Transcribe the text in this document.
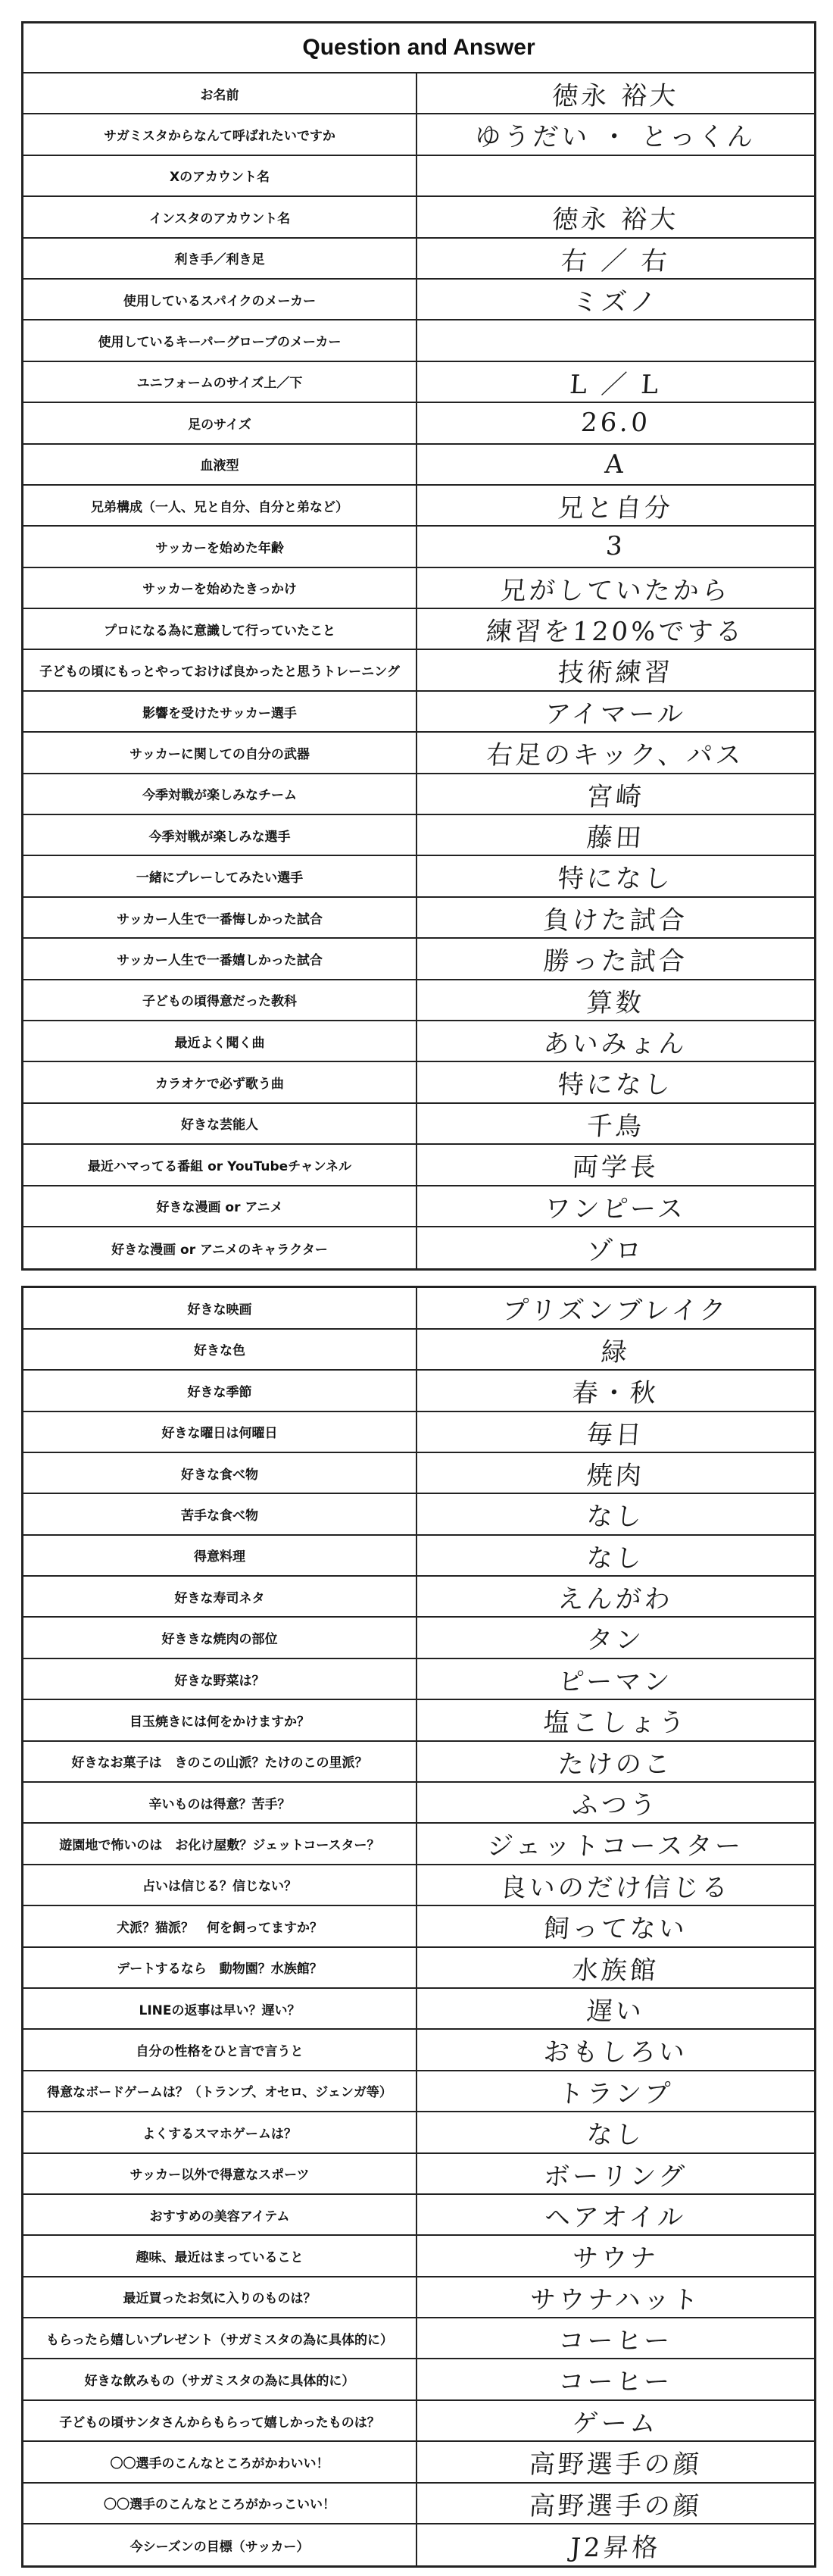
Question and Answer
お名前	徳永 裕大
サガミスタからなんて呼ばれたいですか	ゆうだい ・ とっくん
Xのアカウント名
インスタのアカウント名	徳永 裕大
利き手／利き足	右 ／ 右
使用しているスパイクのメーカー	ミズノ
使用しているキーパーグローブのメーカー
ユニフォームのサイズ上／下	L ／ L
足のサイズ	26.0
血液型	A
兄弟構成（一人、兄と自分、自分と弟など）	兄と自分
サッカーを始めた年齢	3
サッカーを始めたきっかけ	兄がしていたから
プロになる為に意識して行っていたこと	練習を120%でする
子どもの頃にもっとやっておけば良かったと思うトレーニング	技術練習
影響を受けたサッカー選手	アイマール
サッカーに関しての自分の武器	右足のキック、パス
今季対戦が楽しみなチーム	宮崎
今季対戦が楽しみな選手	藤田
一緒にプレーしてみたい選手	特になし
サッカー人生で一番悔しかった試合	負けた試合
サッカー人生で一番嬉しかった試合	勝った試合
子どもの頃得意だった教科	算数
最近よく聞く曲	あいみょん
カラオケで必ず歌う曲	特になし
好きな芸能人	千鳥
最近ハマってる番組 or YouTubeチャンネル	両学長
好きな漫画 or アニメ	ワンピース
好きな漫画 or アニメのキャラクター	ゾロ
好きな映画	プリズンブレイク
好きな色	緑
好きな季節	春・秋
好きな曜日は何曜日	毎日
好きな食べ物	焼肉
苦手な食べ物	なし
得意料理	なし
好きな寿司ネタ	えんがわ
好ききな焼肉の部位	タン
好きな野菜は？	ピーマン
目玉焼きには何をかけますか？	塩こしょう
好きなお菓子は　きのこの山派？たけのこの里派？	たけのこ
辛いものは得意？苦手？	ふつう
遊園地で怖いのは　お化け屋敷？ジェットコースター？	ジェットコースター
占いは信じる？信じない？	良いのだけ信じる
犬派？猫派？　何を飼ってますか？	飼ってない
デートするなら　動物園？水族館？	水族館
LINEの返事は早い？遅い？	遅い
自分の性格をひと言で言うと	おもしろい
得意なボードゲームは？（トランプ、オセロ、ジェンガ等）	トランプ
よくするスマホゲームは？	なし
サッカー以外で得意なスポーツ	ボーリング
おすすめの美容アイテム	ヘアオイル
趣味、最近はまっていること	サウナ
最近買ったお気に入りのものは？	サウナハット
もらったら嬉しいプレゼント（サガミスタの為に具体的に）	コーヒー
好きな飲みもの（サガミスタの為に具体的に）	コーヒー
子どもの頃サンタさんからもらって嬉しかったものは？	ゲーム
〇〇選手のこんなところがかわいい！	高野選手の顔
〇〇選手のこんなところがかっこいい！	高野選手の顔
今シーズンの目標（サッカー）	J2昇格
